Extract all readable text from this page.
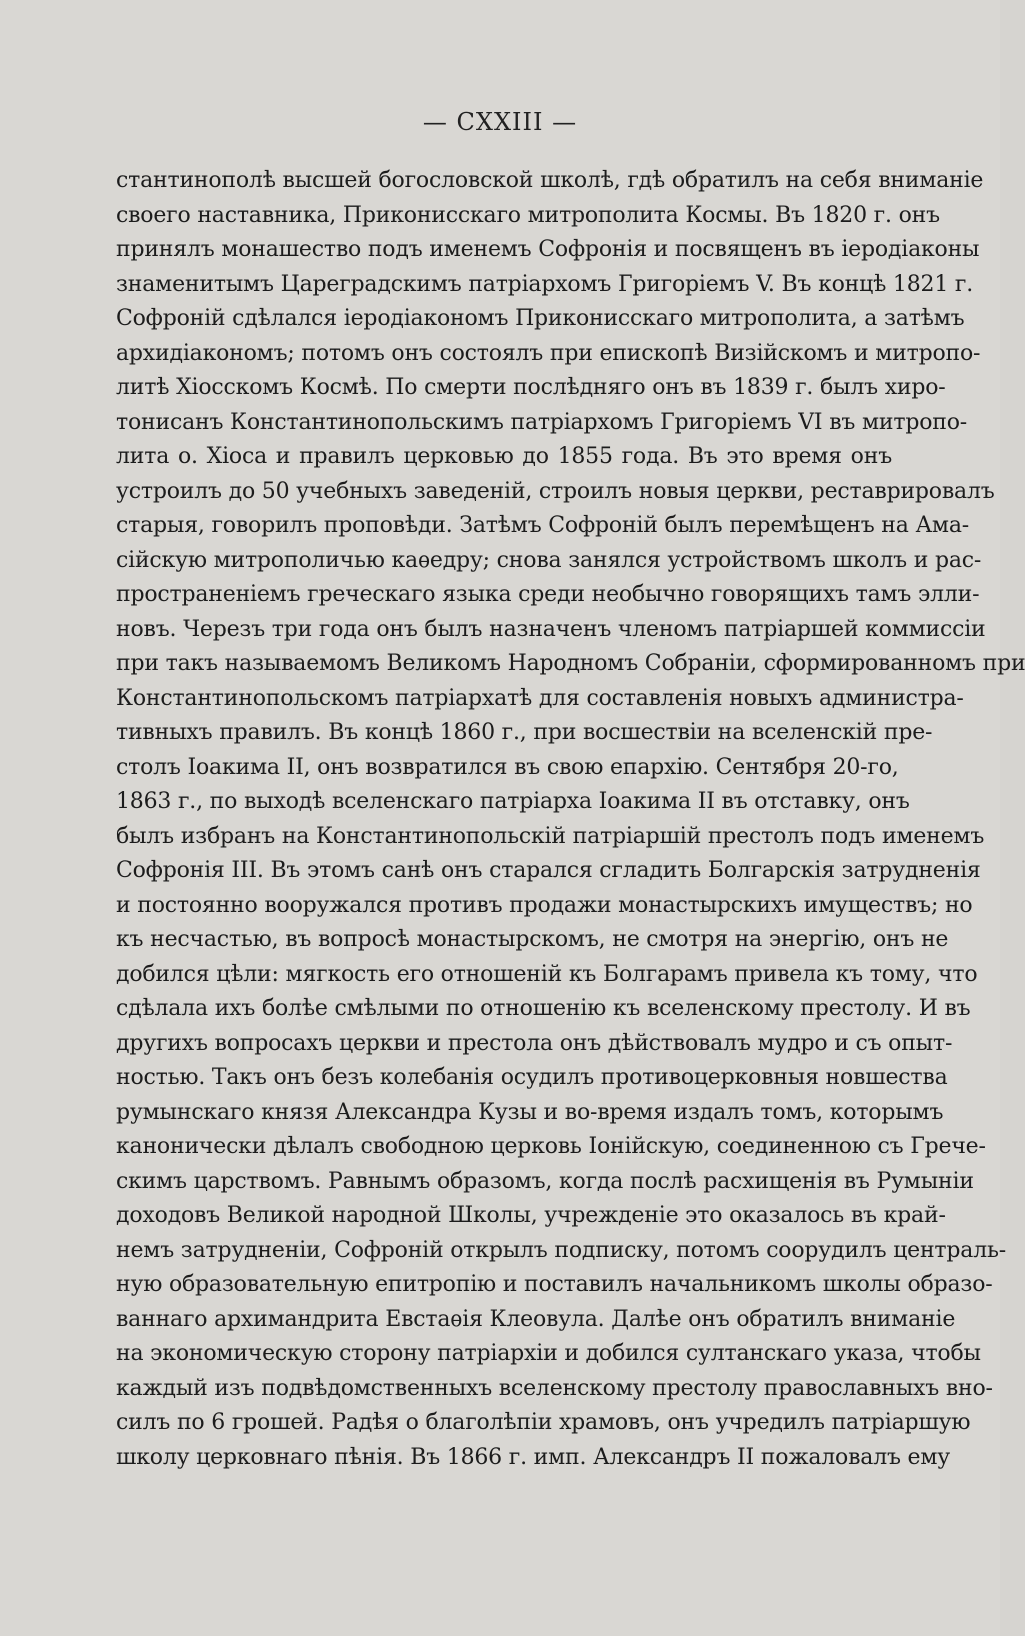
— CXXIII —
стантинополѣ высшей богословской школѣ, гдѣ обратилъ на себя вниманіе
своего наставника, Приконисскаго митрополита Космы. Въ 1820 г. онъ
принялъ монашество подъ именемъ Софронія и посвященъ въ іеродіаконы
знаменитымъ Цареградскимъ патріархомъ Григоріемъ V. Въ концѣ 1821 г.
Софроній сдѣлался іеродіакономъ Приконисскаго митрополита, а затѣмъ
архидіакономъ; потомъ онъ состоялъ при епископѣ Визійскомъ и митропо-
литѣ Хіосскомъ Космѣ. По смерти послѣдняго онъ въ 1839 г. былъ хиро-
тонисанъ Константинопольскимъ патріархомъ Григоріемъ VI въ митропо-
лита о. Хіоса и правилъ церковью до 1855 года. Въ это время онъ
устроилъ до 50 учебныхъ заведеній, строилъ новыя церкви, реставрировалъ
старыя, говорилъ проповѣди. Затѣмъ Софроній былъ перемѣщенъ на Ама-
сійскую митрополичью каѳедру; снова занялся устройствомъ школъ и рас-
пространеніемъ греческаго языка среди необычно говорящихъ тамъ элли-
новъ. Черезъ три года онъ былъ назначенъ членомъ патріаршей коммиссіи
при такъ называемомъ Великомъ Народномъ Собраніи, сформированномъ при
Константинопольскомъ патріархатѣ для составленія новыхъ администра-
тивныхъ правилъ. Въ концѣ 1860 г., при восшествіи на вселенскій пре-
столъ Іоакима II, онъ возвратился въ свою епархію. Сентября 20-го,
1863 г., по выходѣ вселенскаго патріарха Іоакима II въ отставку, онъ
былъ избранъ на Константинопольскій патріаршій престолъ подъ именемъ
Софронія III. Въ этомъ санѣ онъ старался сгладить Болгарскія затрудненія
и постоянно вооружался противъ продажи монастырскихъ имуществъ; но
къ несчастью, въ вопросѣ монастырскомъ, не смотря на энергію, онъ не
добился цѣли: мягкость его отношеній къ Болгарамъ привела къ тому, что
сдѣлала ихъ болѣе смѣлыми по отношенію къ вселенскому престолу. И въ
другихъ вопросахъ церкви и престола онъ дѣйствовалъ мудро и съ опыт-
ностью. Такъ онъ безъ колебанія осудилъ противоцерковныя новшества
румынскаго князя Александра Кузы и во-время издалъ томъ, которымъ
канонически дѣлалъ свободною церковь Іонійскую, соединенною съ Грече-
скимъ царствомъ. Равнымъ образомъ, когда послѣ расхищенія въ Румыніи
доходовъ Великой народной Школы, учрежденіе это оказалось въ край-
немъ затрудненіи, Софроній открылъ подписку, потомъ соорудилъ централь-
ную образовательную епитропію и поставилъ начальникомъ школы образо-
ваннаго архимандрита Евстаѳія Клеовула. Далѣе онъ обратилъ вниманіе
на экономическую сторону патріархіи и добился султанскаго указа, чтобы
каждый изъ подвѣдомственныхъ вселенскому престолу православныхъ вно-
силъ по 6 грошей. Радѣя о благолѣпіи храмовъ, онъ учредилъ патріаршую
школу церковнаго пѣнія. Въ 1866 г. имп. Александръ II пожаловалъ ему
